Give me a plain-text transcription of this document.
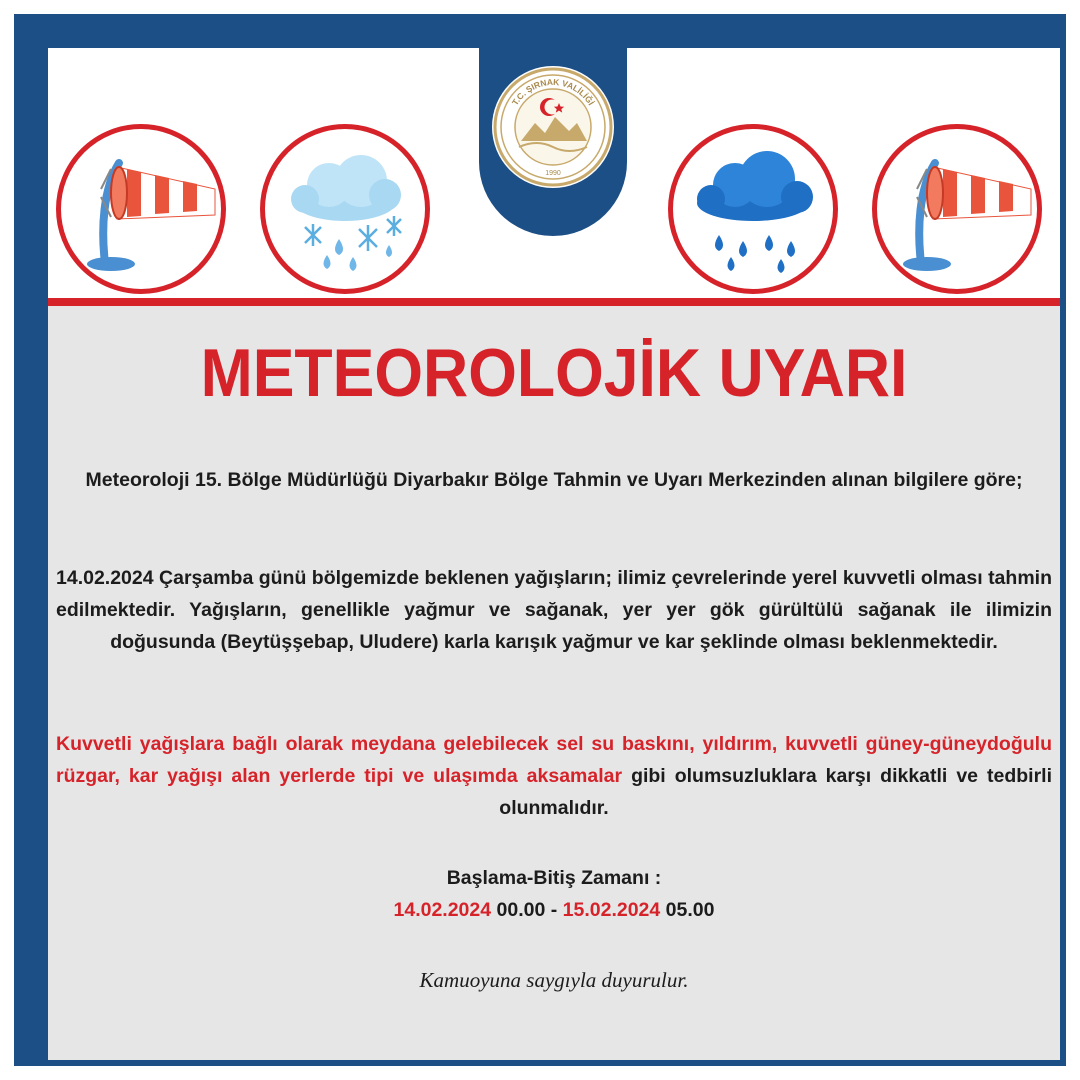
T.C. ŞIRNAK VALİLİĞİ
1990
METEOROLOJİK UYARI

Meteoroloji 15. Bölge Müdürlüğü Diyarbakır Bölge Tahmin ve Uyarı Merkezinden alınan bilgilere göre;

14.02.2024 Çarşamba günü bölgemizde beklenen yağışların; ilimiz çevrelerinde yerel kuvvetli olması tahmin edilmektedir. Yağışların, genellikle yağmur ve sağanak, yer yer gök gürültülü sağanak ile ilimizin doğusunda (Beytüşşebap, Uludere) karla karışık yağmur ve kar şeklinde olması beklenmektedir.

Kuvvetli yağışlara bağlı olarak meydana gelebilecek sel su baskını, yıldırım, kuvvetli güney-güneydoğulu rüzgar, kar yağışı alan yerlerde tipi ve ulaşımda aksamalar gibi olumsuzluklara karşı dikkatli ve tedbirli olunmalıdır.

Başlama-Bitiş Zamanı :

14.02.2024 00.00 - 15.02.2024 05.00

Kamuoyuna saygıyla duyurulur.
